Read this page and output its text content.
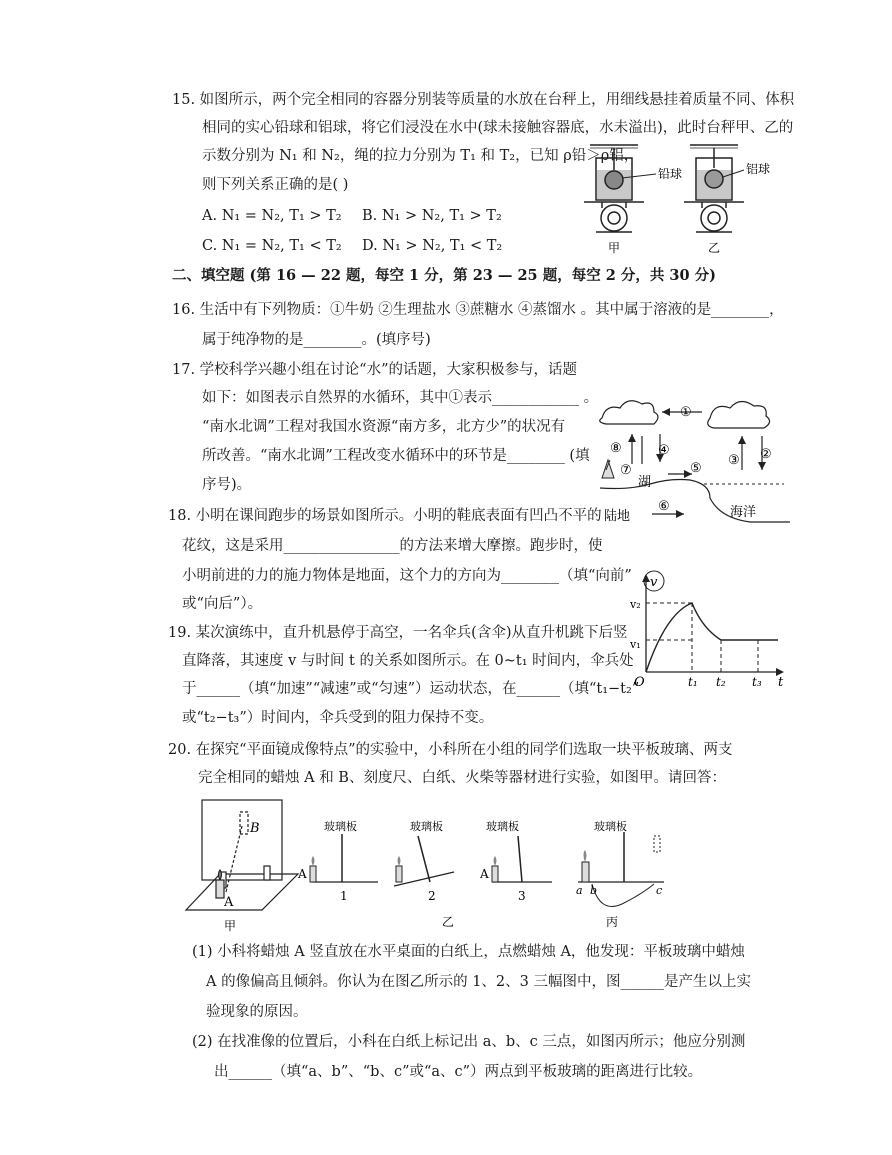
15. 如图所示，两个完全相同的容器分别装等质量的水放在台秤上，用细线悬挂着质量不同、体积
相同的实心铅球和铝球，将它们浸没在水中(球未接触容器底，水未溢出)，此时台秤甲、乙的
示数分别为 N₁ 和 N₂，绳的拉力分别为 T₁ 和 T₂，已知 ρ铅＞ρ铝，
则下列关系正确的是( )
A. N₁ = N₂, T₁ > T₂ B. N₁ > N₂, T₁ > T₂
C. N₁ = N₂, T₁ < T₂ D. N₁ > N₂, T₁ < T₂
铅球
甲
铝球
乙
二、填空题 (第 16 — 22 题，每空 1 分，第 23 — 25 题，每空 2 分，共 30 分)
16. 生活中有下列物质：①牛奶 ②生理盐水 ③蔗糖水 ④蒸馏水 。其中属于溶液的是________，
属于纯净物的是________。(填序号)
17. 学校科学兴趣小组在讨论“水”的话题，大家积极参与，话题
如下：如图表示自然界的水循环，其中①表示____________ 。
“南水北调”工程对我国水资源“南方多，北方少”的状况有
所改善。“南水北调”工程改变水循环中的环节是________ (填
序号)。
①
④
③ ②
⑧
⑦
湖
⑤
⑥
陆地	海洋
18. 小明在课间跑步的场景如图所示。小明的鞋底表面有凹凸不平的
花纹，这是采用________________的方法来增大摩擦。跑步时，使
小明前进的力的施力物体是地面，这个力的方向为________（填“向前”
或“向后”）。
19. 某次演练中，直升机悬停于高空，一名伞兵(含伞)从直升机跳下后竖
直降落，其速度 v 与时间 t 的关系如图所示。在 0~t₁ 时间内，伞兵处
于______（填“加速”“减速”或“匀速”）运动状态，在______（填“t₁−t₂”
或“t₂−t₃”）时间内，伞兵受到的阻力保持不变。
v
v₂
v₁
O	t₁ t₂ t₃ t
20. 在探究“平面镜成像特点”的实验中，小科所在小组的同学们选取一块平板玻璃、两支
完全相同的蜡烛 A 和 B、刻度尺、白纸、火柴等器材进行实验，如图甲。请回答：
B
A
甲
玻璃板
A
1
玻璃板
2
玻璃板
A
3
乙
玻璃板
a b	c
丙
(1) 小科将蜡烛 A 竖直放在水平桌面的白纸上，点燃蜡烛 A，他发现：平板玻璃中蜡烛
A 的像偏高且倾斜。你认为在图乙所示的 1、2、3 三幅图中，图______是产生以上实
验现象的原因。
(2) 在找准像的位置后，小科在白纸上标记出 a、b、c 三点，如图丙所示；他应分别测
出______（填“a、b”、“b、c”或“a、c”）两点到平板玻璃的距离进行比较。
